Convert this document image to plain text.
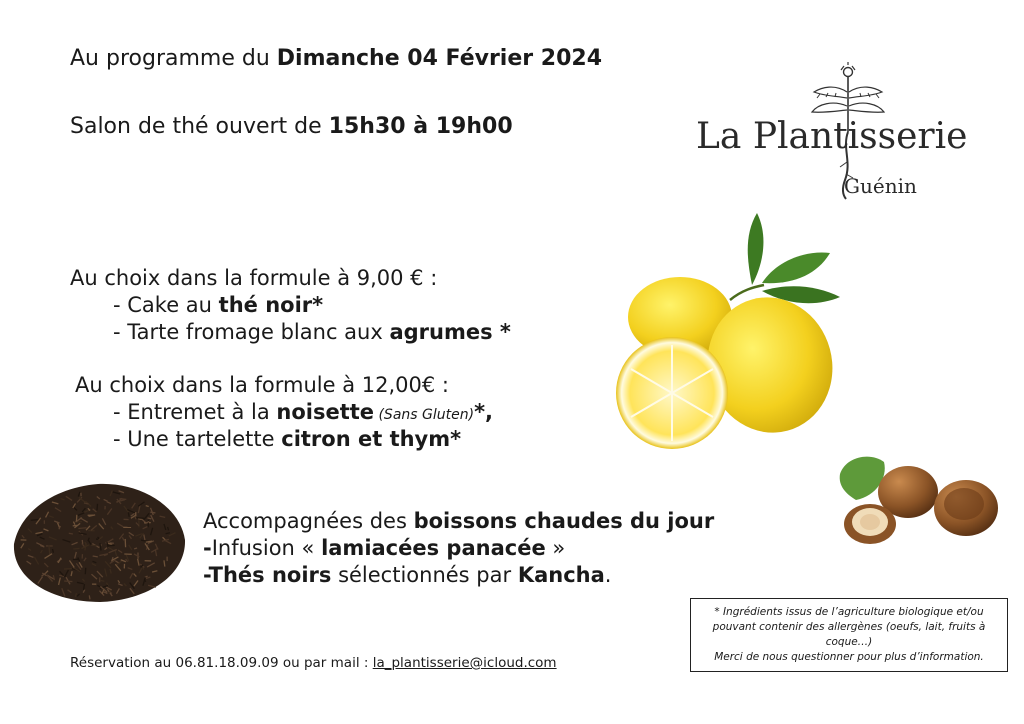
Au programme du Dimanche 04 Février 2024
Salon de thé ouvert de 15h30 à 19h00	La Plantisserie
Guénin
Au choix dans la formule à 9,00 € :
- Cake au thé noir*
- Tarte fromage blanc aux agrumes *
Au choix dans la formule à 12,00€ :
- Entremet à la noisette (Sans Gluten)*,
- Une tartelette citron et thym*
Accompagnées des boissons chaudes du jour
-Infusion « lamiacées panacée »
-Thés noirs sélectionnés par Kancha.
Réservation au 06.81.18.09.09 ou par mail : la_plantisserie@icloud.com
* Ingrédients issus de l’agriculture biologique et/ou pouvant contenir des allergènes (oeufs, lait, fruits à coque…)
Merci de nous questionner pour plus d’information.
